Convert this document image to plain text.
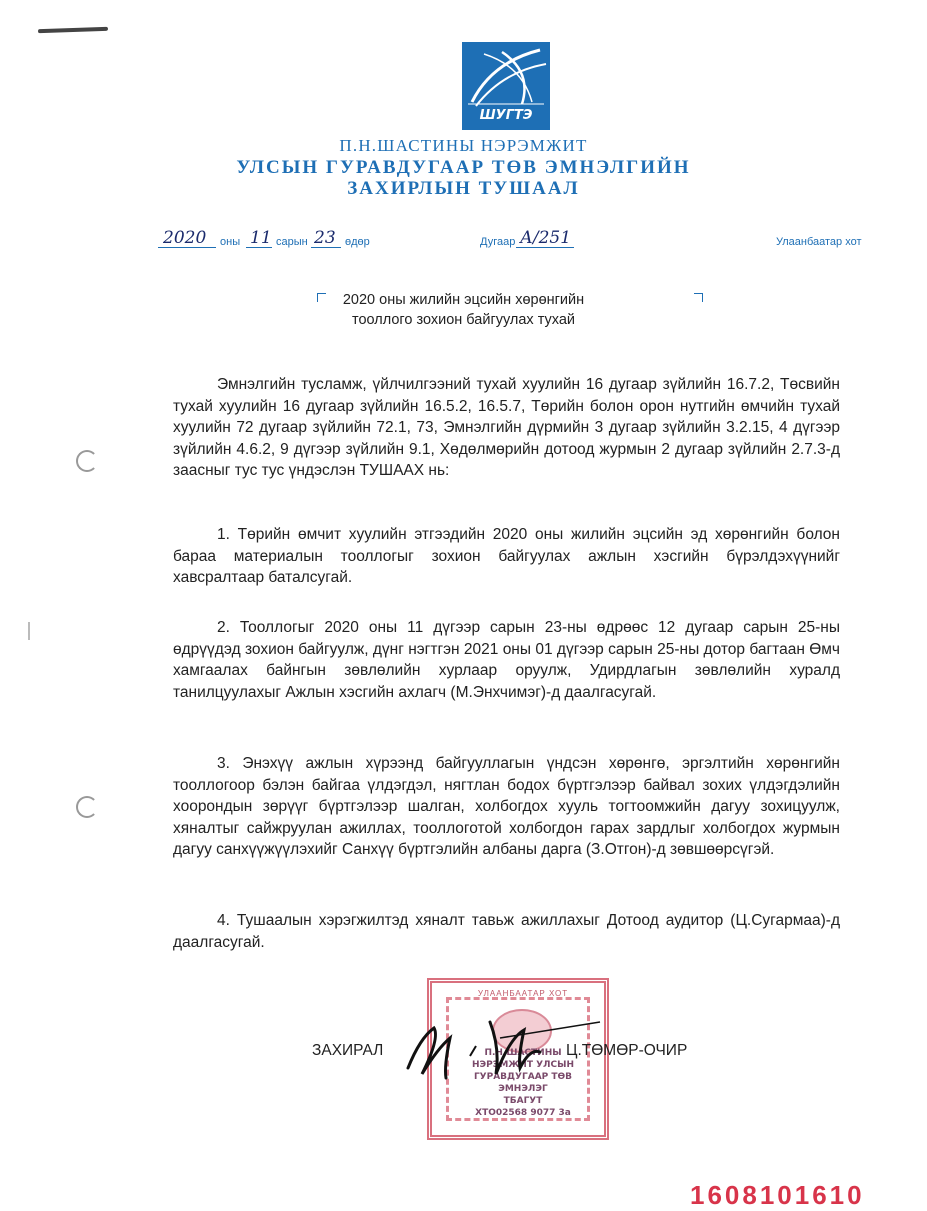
ШУГТЭ
П.Н.ШАСТИНЫ НЭРЭМЖИТ
УЛСЫН ГУРАВДУГААР ТӨВ ЭМНЭЛГИЙН
ЗАХИРЛЫН ТУШААЛ
2020 оны 11 сарын 23 өдөр	Дугаар А/251	Улаанбаатар хот
2020 оны жилийн эцсийн хөрөнгийн
тооллого зохион байгуулах тухай
Эмнэлгийн тусламж, үйлчилгээний тухай хуулийн 16 дугаар зүйлийн 16.7.2, Төсвийн тухай хуулийн 16 дугаар зүйлийн 16.5.2, 16.5.7, Төрийн болон орон нутгийн өмчийн тухай хуулийн 72 дугаар зүйлийн 72.1, 73, Эмнэлгийн дүрмийн 3 дугаар зүйлийн 3.2.15, 4 дүгээр зүйлийн 4.6.2, 9 дүгээр зүйлийн 9.1, Хөдөлмөрийн дотоод журмын 2 дугаар зүйлийн 2.7.3-д заасныг тус тус үндэслэн ТУШААХ нь:
1. Төрийн өмчит хуулийн этгээдийн 2020 оны жилийн эцсийн эд хөрөнгийн болон бараа материалын тооллогыг зохион байгуулах ажлын хэсгийн бүрэлдэхүүнийг хавсралтаар баталсугай.
2. Тооллогыг 2020 оны 11 дүгээр сарын 23-ны өдрөөс 12 дугаар сарын 25-ны өдрүүдэд зохион байгуулж, дүнг нэгтгэн 2021 оны 01 дүгээр сарын 25-ны дотор багтаан Өмч хамгаалах байнгын зөвлөлийн хурлаар оруулж, Удирдлагын зөвлөлийн хуралд танилцуулахыг Ажлын хэсгийн ахлагч (М.Энхчимэг)-д даалгасугай.
3. Энэхүү ажлын хүрээнд байгууллагын үндсэн хөрөнгө, эргэлтийн хөрөнгийн тооллогоор бэлэн байгаа үлдэгдэл, нягтлан бодох бүртгэлээр байвал зохих үлдэгдэлийн хоорондын зөрүүг бүртгэлээр шалган, холбогдох хууль тогтоомжийн дагуу зохицуулж, хяналтыг сайжруулан ажиллах, тооллоготой холбогдон гарах зардлыг холбогдох журмын дагуу санхүүжүүлэхийг Санхүү бүртгэлийн албаны дарга (З.Отгон)-д зөвшөөрсүгэй.
4. Тушаалын хэрэгжилтэд хяналт тавьж ажиллахыг Дотоод аудитор (Ц.Сугармаа)-д даалгасугай.
УЛААНБААТАР ХОТ
П.Н.ШАСТИНЫ
НЭРЭМЖИТ УЛСЫН
ГУРАВДУГААР ТӨВ
ЭМНЭЛЭГ
ТБАГУТ
ХТО02568 9077 3а
ЗАХИРАЛ	Ц.ТӨМӨР-ОЧИР
1608101610
